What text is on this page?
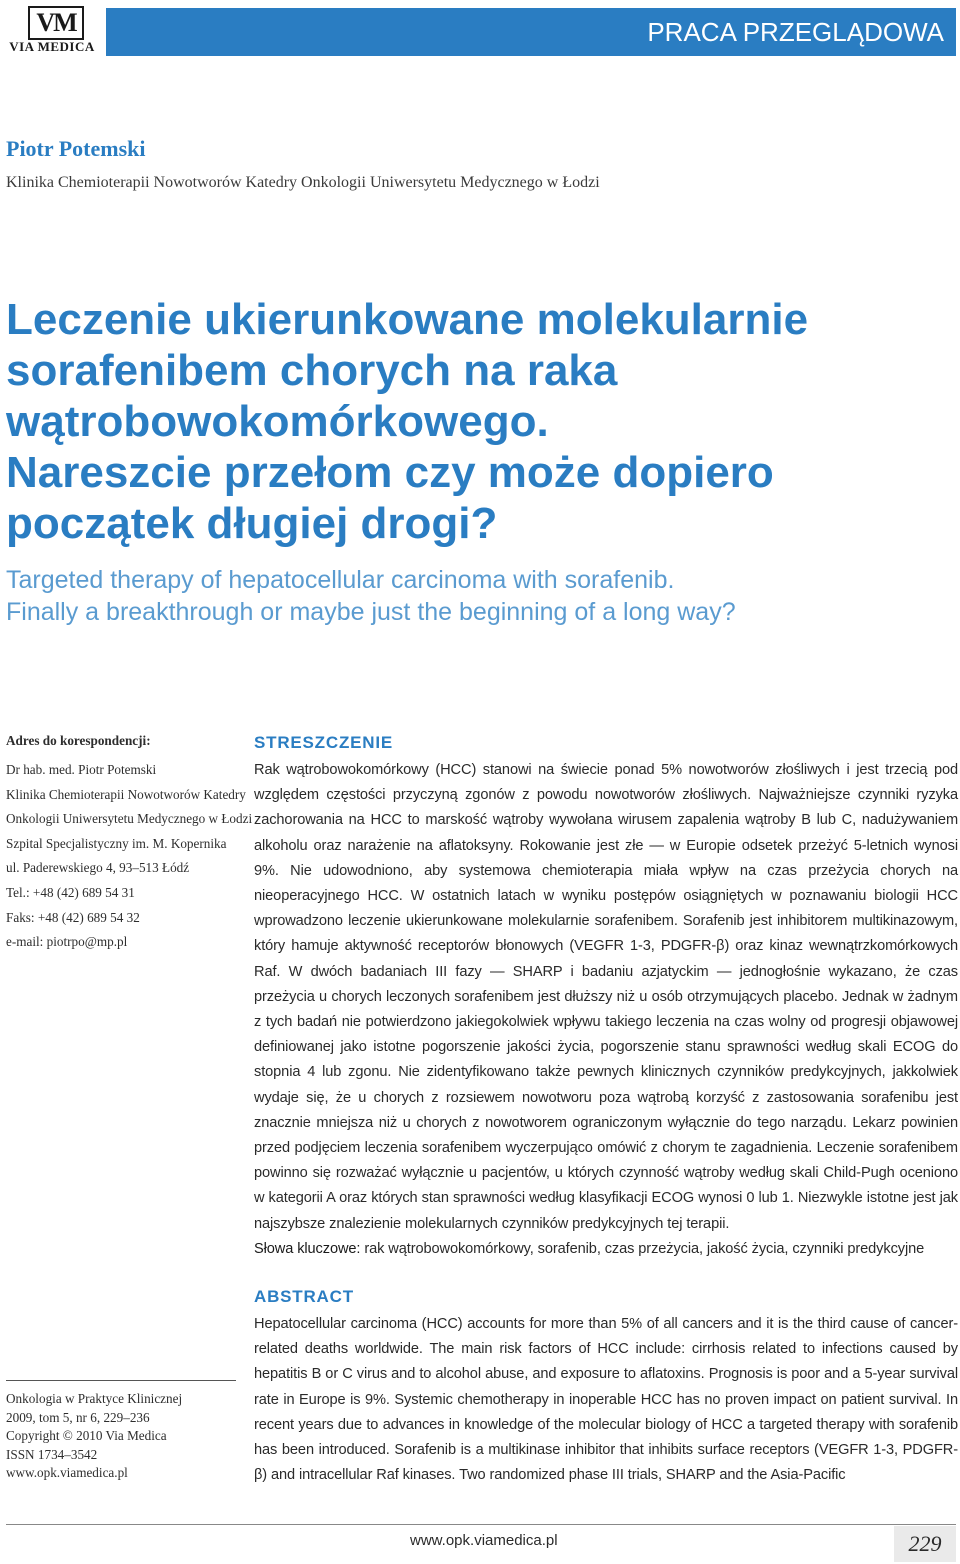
VM
VIA MEDICA	PRACA PRZEGLĄDOWA
Piotr Potemski
Klinika Chemioterapii Nowotworów Katedry Onkologii Uniwersytetu Medycznego w Łodzi
Leczenie ukierunkowane molekularnie
sorafenibem chorych na raka
wątrobowokomórkowego.
Nareszcie przełom czy może dopiero
początek długiej drogi?
Targeted therapy of hepatocellular carcinoma with sorafenib.
Finally a breakthrough or maybe just the beginning of a long way?
Adres do korespondencji:
Dr hab. med. Piotr Potemski
Klinika Chemioterapii Nowotworów Katedry
Onkologii Uniwersytetu Medycznego w Łodzi
Szpital Specjalistyczny im. M. Kopernika
ul. Paderewskiego 4, 93–513 Łódź
Tel.: +48 (42) 689 54 31
Faks: +48 (42) 689 54 32
e-mail: piotrpo@mp.pl
Onkologia w Praktyce Klinicznej
2009, tom 5, nr 6, 229–236
Copyright © 2010 Via Medica
ISSN 1734–3542
www.opk.viamedica.pl
STRESZCZENIE
Rak wątrobowokomórkowy (HCC) stanowi na świecie ponad 5% nowotworów złośliwych i jest trzecią pod względem częstości przyczyną zgonów z powodu nowotworów złośliwych. Najważniejsze czynniki ryzyka zachorowania na HCC to marskość wątroby wywołana wirusem zapalenia wątroby B lub C, nadużywaniem alkoholu oraz narażenie na aflatoksyny. Rokowanie jest złe — w Europie odsetek przeżyć 5-letnich wynosi 9%. Nie udowodniono, aby systemowa chemioterapia miała wpływ na czas przeżycia chorych na nieoperacyjnego HCC. W ostatnich latach w wyniku postępów osiągniętych w poznawaniu biologii HCC wprowadzono leczenie ukierunkowane molekularnie sorafenibem. Sorafenib jest inhibitorem multikinazowym, który hamuje aktywność receptorów błonowych (VEGFR 1-3, PDGFR-β) oraz kinaz wewnątrzkomórkowych Raf. W dwóch badaniach III fazy — SHARP i badaniu azjatyckim — jednogłośnie wykazano, że czas przeżycia u chorych leczonych sorafenibem jest dłuższy niż u osób otrzymujących placebo. Jednak w żadnym z tych badań nie potwierdzono jakiegokolwiek wpływu takiego leczenia na czas wolny od progresji objawowej definiowanej jako istotne pogorszenie jakości życia, pogorszenie stanu sprawności według skali ECOG do stopnia 4 lub zgonu. Nie zidentyfikowano także pewnych klinicznych czynników predykcyjnych, jakkolwiek wydaje się, że u chorych z rozsiewem nowotworu poza wątrobą korzyść z zastosowania sorafenibu jest znacznie mniejsza niż u chorych z nowotworem ograniczonym wyłącznie do tego narządu. Lekarz powinien przed podjęciem leczenia sorafenibem wyczerpująco omówić z chorym te zagadnienia. Leczenie sorafenibem powinno się rozważać wyłącznie u pacjentów, u których czynność wątroby według skali Child-Pugh oceniono w kategorii A oraz których stan sprawności według klasyfikacji ECOG wynosi 0 lub 1. Niezwykle istotne jest jak najszybsze znalezienie molekularnych czynników predykcyjnych tej terapii.
Słowa kluczowe: rak wątrobowokomórkowy, sorafenib, czas przeżycia, jakość życia, czynniki predykcyjne
ABSTRACT
Hepatocellular carcinoma (HCC) accounts for more than 5% of all cancers and it is the third cause of cancer-related deaths worldwide. The main risk factors of HCC include: cirrhosis related to infections caused by hepatitis B or C virus and to alcohol abuse, and exposure to aflatoxins. Prognosis is poor and a 5-year survival rate in Europe is 9%. Systemic chemotherapy in inoperable HCC has no proven impact on patient survival. In recent years due to advances in knowledge of the molecular biology of HCC a targeted therapy with sorafenib has been introduced. Sorafenib is a multikinase inhibitor that inhibits surface receptors (VEGFR 1-3, PDGFR-β) and intracellular Raf kinases. Two randomized phase III trials, SHARP and the Asia-Pacific
www.opk.viamedica.pl	229
